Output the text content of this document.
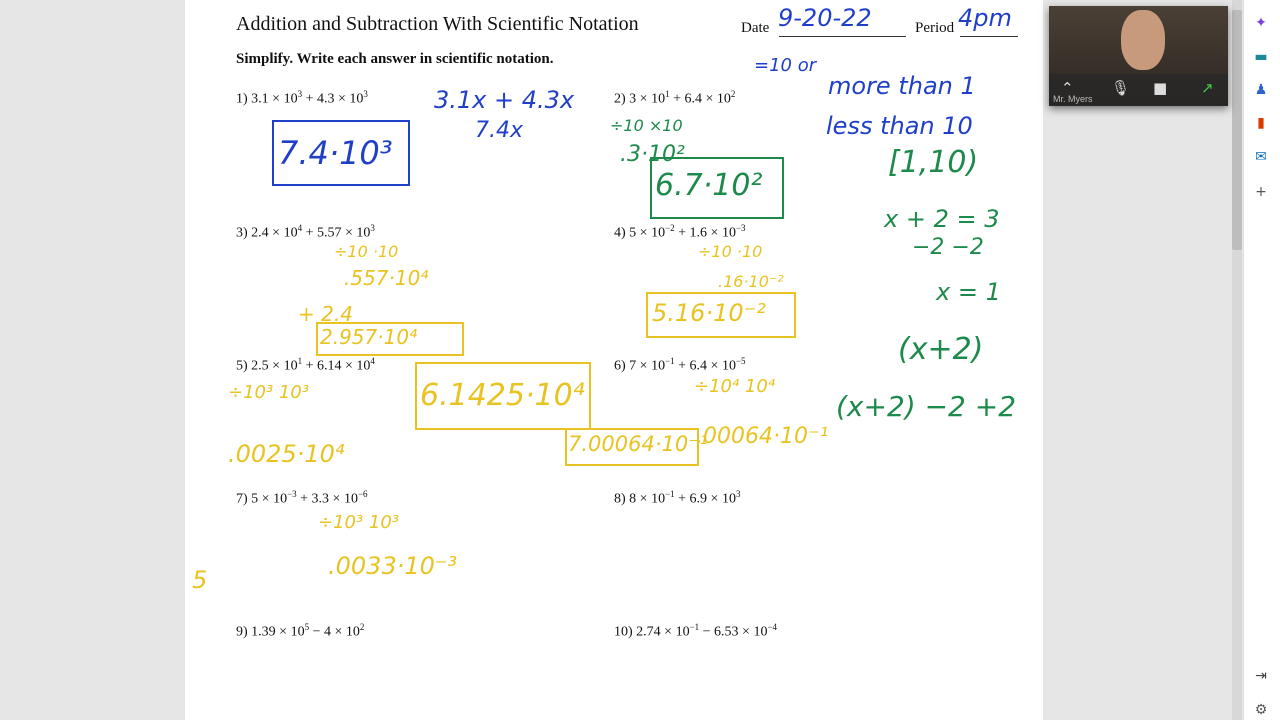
Addition and Subtraction With Scientific Notation	Date	Period
Simplify. Write each answer in scientific notation.
1) $3.1 \times 10^3 + 4.3 \times 10^3$	2) $3 \times 10^1 + 6.4 \times 10^2$
3) $2.4 \times 10^4 + 5.57 \times 10^3$	4) $5 \times 10^{-2} + 1.6 \times 10^{-3}$
5) $2.5 \times 10^1 + 6.14 \times 10^4$	6) $7 \times 10^{-1} + 6.4 \times 10^{-5}$
7) $5 \times 10^{-3} + 3.3 \times 10^{-6}$	8) $8 \times 10^{-1} + 6.9 \times 10^3$
9) $1.39 \times 10^5 - 4 \times 10^2$	10) $2.74 \times 10^{-1} - 6.53 \times 10^{-4}$
9-20-22	4pm
=10 or
3.1x + 4.3x
7.4x
7.4·10³
÷10 ×10
.3·10²
6.7·10²
more than 1
less than 10
[1,10)
x + 2 = 3
−2 −2
x = 1
(x+2)
(x+2) −2 +2
÷10 ·10
.557·10⁴
+ 2.4
2.957·10⁴
÷10 ·10
.16·10⁻²
5.16·10⁻²
÷10³ 10³
.0025·10⁴
6.1425·10⁴	÷10⁴ 10⁴
.00064·10⁻¹
7.00064·10⁻¹
÷10³ 10³
.0033·10⁻³
5
⌃ 🎙 ■ ↗
Mr. Myers
✦
▬
♟
▮
✉
+
⇥
⚙
